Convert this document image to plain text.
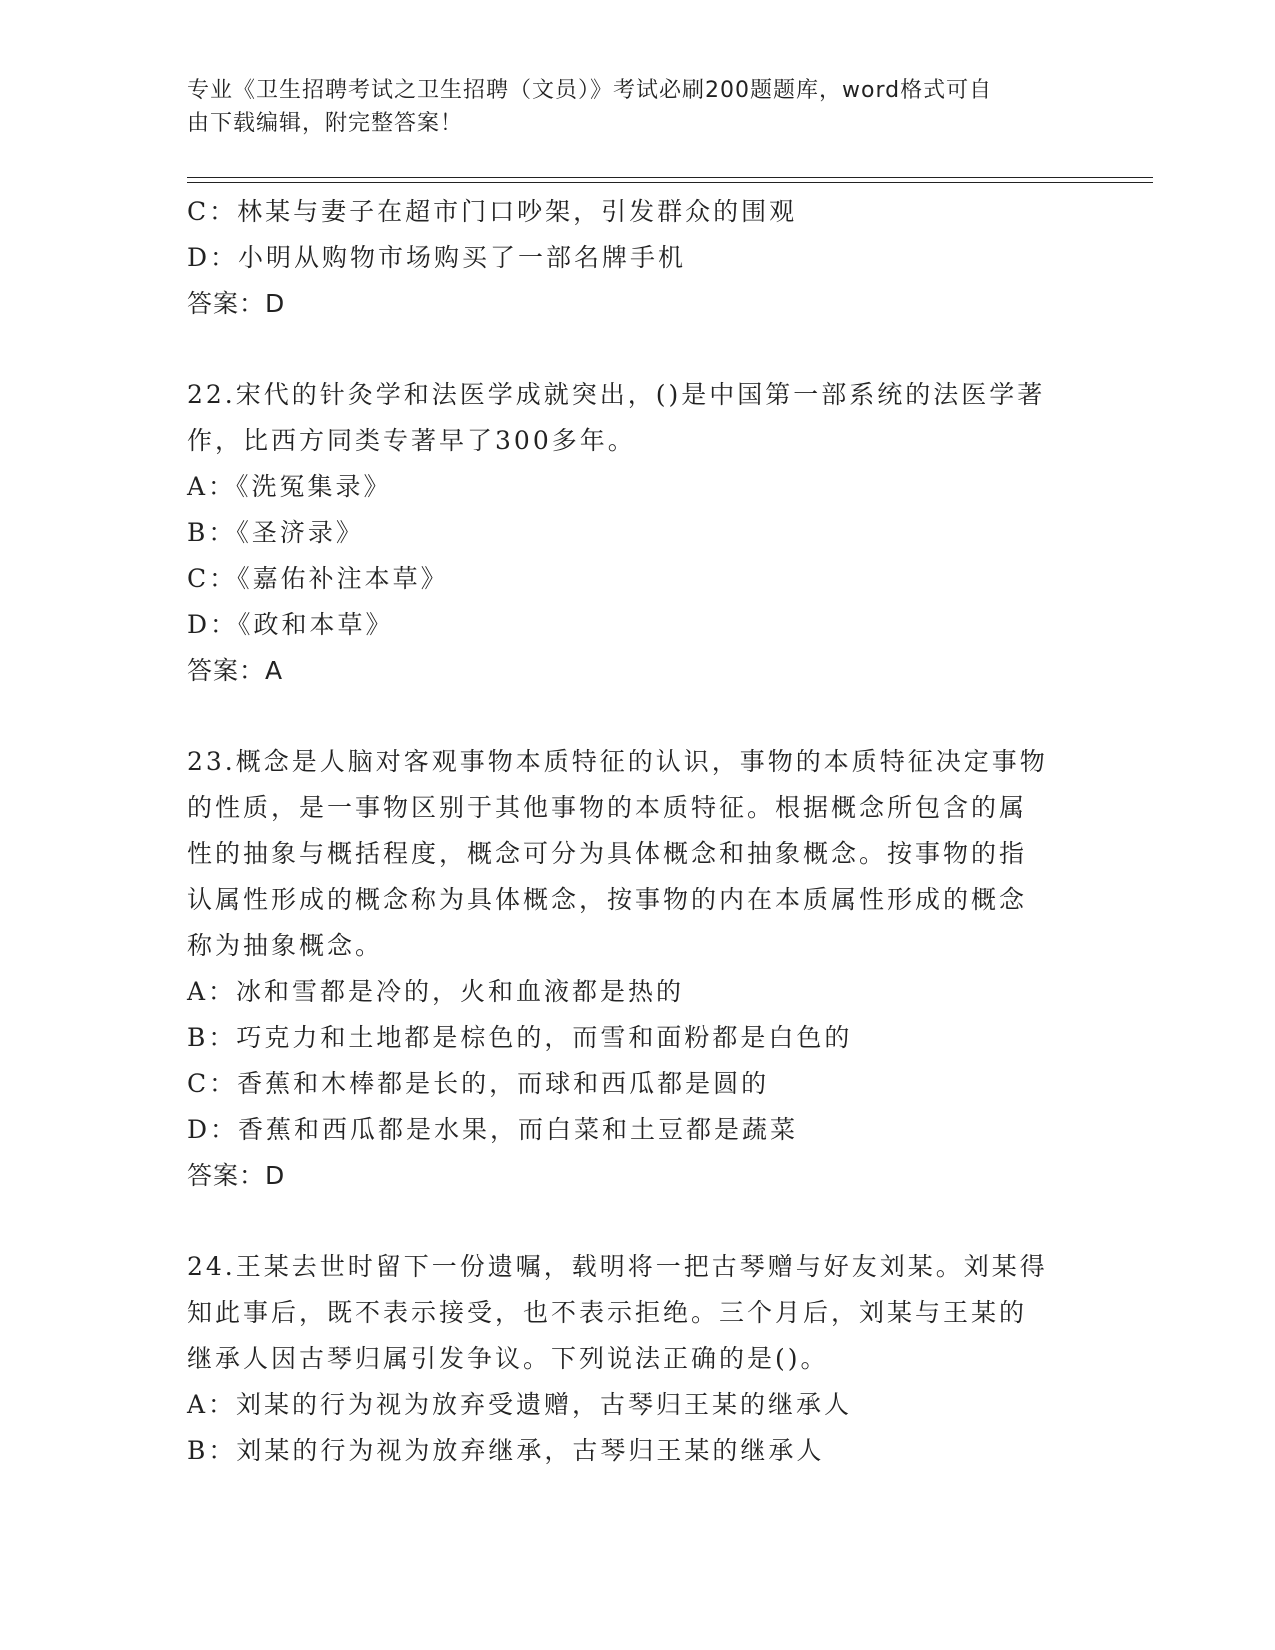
专业《卫生招聘考试之卫生招聘（文员）》考试必刷200题题库，word格式可自
由下载编辑，附完整答案！
C：林某与妻子在超市门口吵架，引发群众的围观
D：小明从购物市场购买了一部名牌手机
答案：D
22.宋代的针灸学和法医学成就突出，()是中国第一部系统的法医学著
作，比西方同类专著早了300多年。
A：《洗冤集录》
B：《圣济录》
C：《嘉佑补注本草》
D：《政和本草》
答案：A
23.概念是人脑对客观事物本质特征的认识，事物的本质特征决定事物
的性质，是一事物区别于其他事物的本质特征。根据概念所包含的属
性的抽象与概括程度，概念可分为具体概念和抽象概念。按事物的指
认属性形成的概念称为具体概念，按事物的内在本质属性形成的概念
称为抽象概念。
A：冰和雪都是冷的，火和血液都是热的
B：巧克力和土地都是棕色的，而雪和面粉都是白色的
C：香蕉和木棒都是长的，而球和西瓜都是圆的
D：香蕉和西瓜都是水果，而白菜和土豆都是蔬菜
答案：D
24.王某去世时留下一份遗嘱，载明将一把古琴赠与好友刘某。刘某得
知此事后，既不表示接受，也不表示拒绝。三个月后，刘某与王某的
继承人因古琴归属引发争议。下列说法正确的是()。
A：刘某的行为视为放弃受遗赠，古琴归王某的继承人
B：刘某的行为视为放弃继承，古琴归王某的继承人
